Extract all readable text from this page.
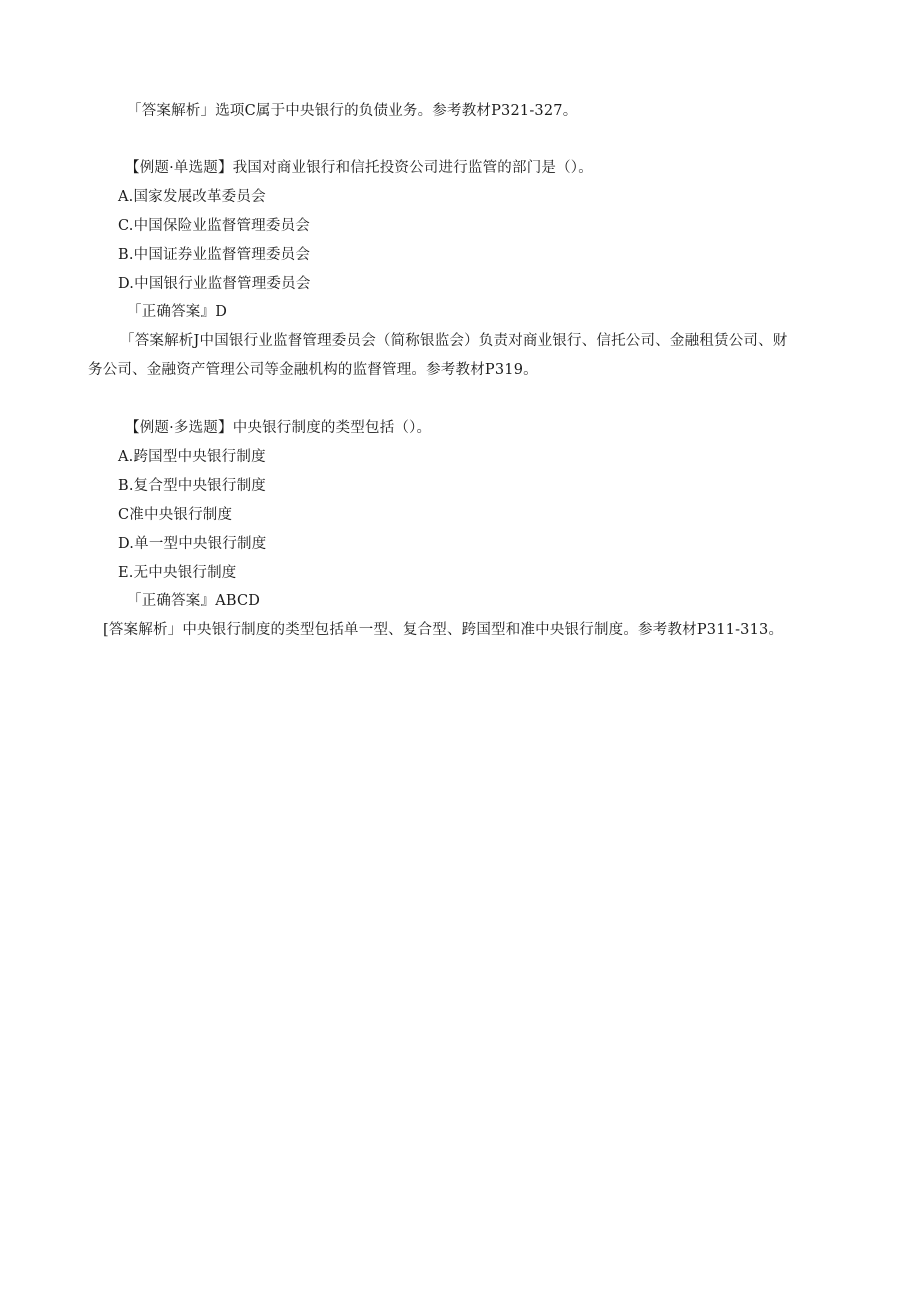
「答案解析」选项C属于中央银行的负债业务。参考教材P321-327。
【例题·单选题】我国对商业银行和信托投资公司进行监管的部门是（）。
A.国家发展改革委员会
C.中国保险业监督管理委员会
B.中国证券业监督管理委员会
D.中国银行业监督管理委员会
「正确答案』D
「答案解析J中国银行业监督管理委员会（简称银监会）负责对商业银行、信托公司、金融租赁公司、财
务公司、金融资产管理公司等金融机构的监督管理。参考教材P319。
【例题·多选题】中央银行制度的类型包括（）。
A.跨国型中央银行制度
B.复合型中央银行制度
C准中央银行制度
D.单一型中央银行制度
E.无中央银行制度
「正确答案』ABCD
[答案解析」中央银行制度的类型包括单一型、复合型、跨国型和准中央银行制度。参考教材P311-313。
